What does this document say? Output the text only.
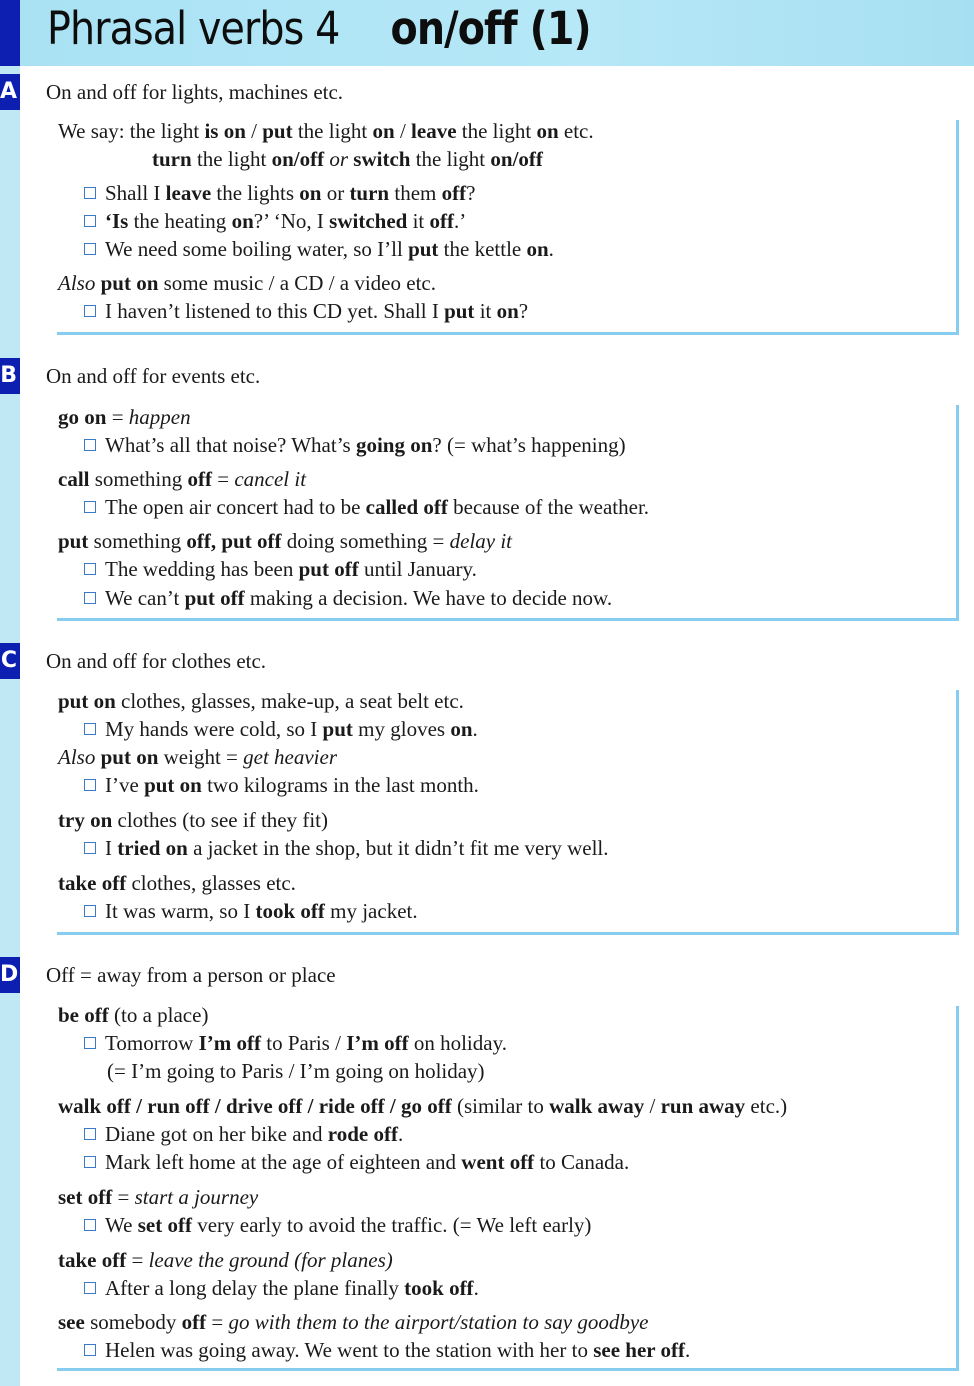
Phrasal verbs 4 on/off (1)
A On and off for lights, machines etc.
We say: the light is on / put the light on / leave the light on etc.
turn the light on/off or switch the light on/off
Shall I leave the lights on or turn them off?
‘Is the heating on?’ ‘No, I switched it off.’
We need some boiling water, so I’ll put the kettle on.
Also put on some music / a CD / a video etc.
I haven’t listened to this CD yet. Shall I put it on?
B On and off for events etc.
go on = happen
What’s all that noise? What’s going on? (= what’s happening)
call something off = cancel it
The open air concert had to be called off because of the weather.
put something off, put off doing something = delay it
The wedding has been put off until January.
We can’t put off making a decision. We have to decide now.
C On and off for clothes etc.
put on clothes, glasses, make-up, a seat belt etc.
My hands were cold, so I put my gloves on.
Also put on weight = get heavier
I’ve put on two kilograms in the last month.
try on clothes (to see if they fit)
I tried on a jacket in the shop, but it didn’t fit me very well.
take off clothes, glasses etc.
It was warm, so I took off my jacket.
D Off = away from a person or place
be off (to a place)
Tomorrow I’m off to Paris / I’m off on holiday.
(= I’m going to Paris / I’m going on holiday)
walk off / run off / drive off / ride off / go off (similar to walk away / run away etc.)
Diane got on her bike and rode off.
Mark left home at the age of eighteen and went off to Canada.
set off = start a journey
We set off very early to avoid the traffic. (= We left early)
take off = leave the ground (for planes)
After a long delay the plane finally took off.
see somebody off = go with them to the airport/station to say goodbye
Helen was going away. We went to the station with her to see her off.
